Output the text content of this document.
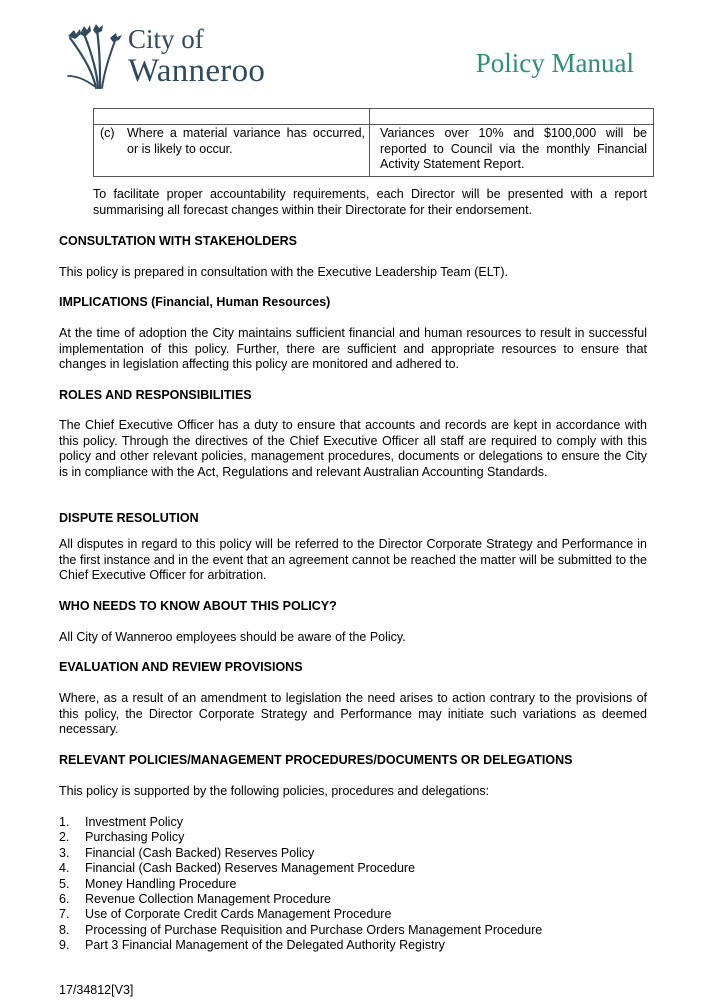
City of
Wanneroo	Policy Manual

(c) Where a material variance has occurred, or is likely to occur.	Variances over 10% and $100,000 will be reported to Council via the monthly Financial Activity Statement Report.
To facilitate proper accountability requirements, each Director will be presented with a report summarising all forecast changes within their Directorate for their endorsement.
CONSULTATION WITH STAKEHOLDERS
This policy is prepared in consultation with the Executive Leadership Team (ELT).
IMPLICATIONS (Financial, Human Resources)
At the time of adoption the City maintains sufficient financial and human resources to result in successful implementation of this policy. Further, there are sufficient and appropriate resources to ensure that changes in legislation affecting this policy are monitored and adhered to.
ROLES AND RESPONSIBILITIES
The Chief Executive Officer has a duty to ensure that accounts and records are kept in accordance with this policy. Through the directives of the Chief Executive Officer all staff are required to comply with this policy and other relevant policies, management procedures, documents or delegations to ensure the City is in compliance with the Act, Regulations and relevant Australian Accounting Standards.
DISPUTE RESOLUTION
All disputes in regard to this policy will be referred to the Director Corporate Strategy and Performance in the first instance and in the event that an agreement cannot be reached the matter will be submitted to the Chief Executive Officer for arbitration.
WHO NEEDS TO KNOW ABOUT THIS POLICY?
All City of Wanneroo employees should be aware of the Policy.
EVALUATION AND REVIEW PROVISIONS
Where, as a result of an amendment to legislation the need arises to action contrary to the provisions of this policy, the Director Corporate Strategy and Performance may initiate such variations as deemed necessary.
RELEVANT POLICIES/MANAGEMENT PROCEDURES/DOCUMENTS OR DELEGATIONS
This policy is supported by the following policies, procedures and delegations:
1.	Investment Policy
2.	Purchasing Policy
3.	Financial (Cash Backed) Reserves Policy
4.	Financial (Cash Backed) Reserves Management Procedure
5.	Money Handling Procedure
6.	Revenue Collection Management Procedure
7.	Use of Corporate Credit Cards Management Procedure
8.	Processing of Purchase Requisition and Purchase Orders Management Procedure
9.	Part 3 Financial Management of the Delegated Authority Registry
17/34812[V3]
